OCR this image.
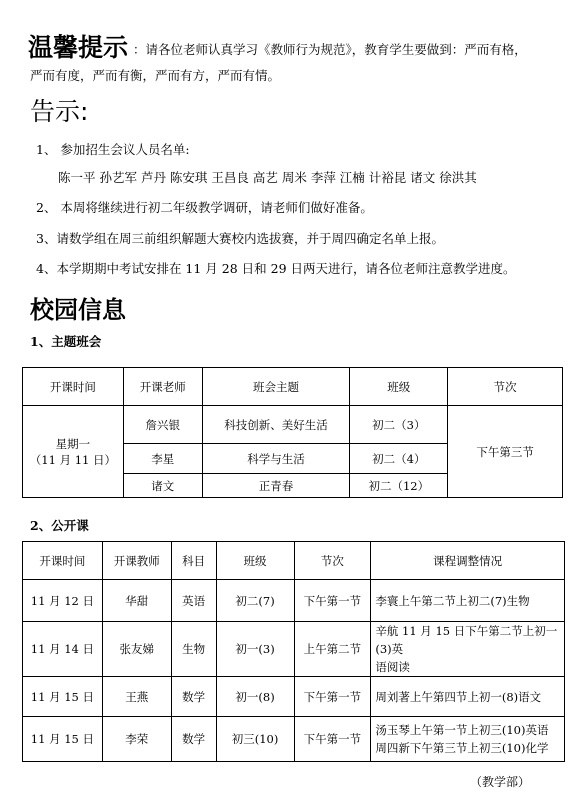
温馨提示 ：请各位老师认真学习《教师行为规范》，教育学生要做到：严而有格，
严而有度，严而有衡，严而有方，严而有情。
告示:
1、 参加招生会议人员名单:
陈一平 孙艺军 芦丹 陈安琪 王昌良 高艺 周米 李萍 江楠 计裕昆 诸文 徐洪其
2、 本周将继续进行初二年级教学调研，请老师们做好准备。
3、请数学组在周三前组织解题大赛校内选拔赛，并于周四确定名单上报。
4、本学期期中考试安排在 11 月 28 日和 29 日两天进行，请各位老师注意教学进度。
校园信息
1、主题班会
开课时间	开课老师	班会主题	班级	节次

星期一
（11 月 11 日）	詹兴银	科技创新、美好生活	初二（3）	下午第三节
	李星	科学与生活	初二（4）	
	诸文	正青春	初二（12）	
2、公开课
开课时间	开课教师	科目	班级	节次	课程调整情况
11 月 12 日	华甜	英语	初二(7)	下午第一节	李寰上午第二节上初二(7)生物

11 月 14 日	张友娣	生物	初一(3)	上午第二节	辛航 11 月 15 日下午第二节上初一(3)英
语阅读

11 月 15 日	王燕	数学	初一(8)	下午第一节	周刘著上午第四节上初一(8)语文

11 月 15 日	李荣	数学	初三(10)	下午第一节	汤玉琴上午第一节上初三(10)英语
周四新下午第三节上初三(10)化学
（教学部）
